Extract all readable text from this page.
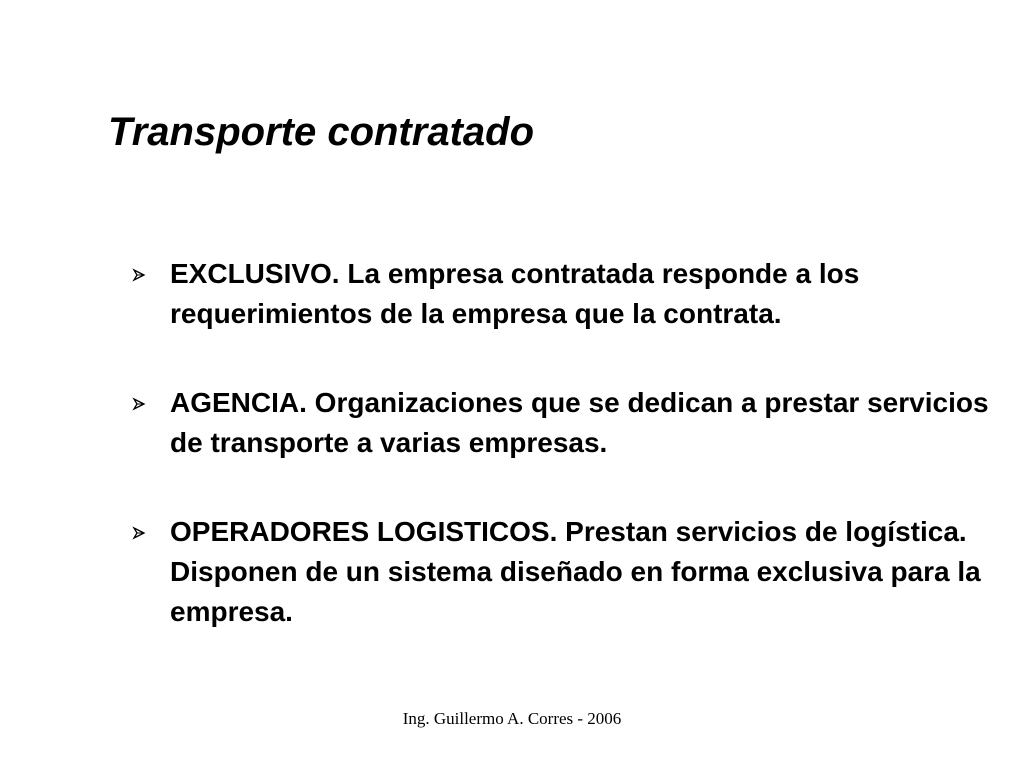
Transporte contratado
EXCLUSIVO. La empresa contratada responde a los requerimientos de la empresa que la contrata.
AGENCIA. Organizaciones que se dedican a prestar servicios de transporte a varias empresas.
OPERADORES LOGISTICOS. Prestan servicios de logística. Disponen de un sistema diseñado en forma exclusiva para la empresa.
Ing. Guillermo A. Corres - 2006
